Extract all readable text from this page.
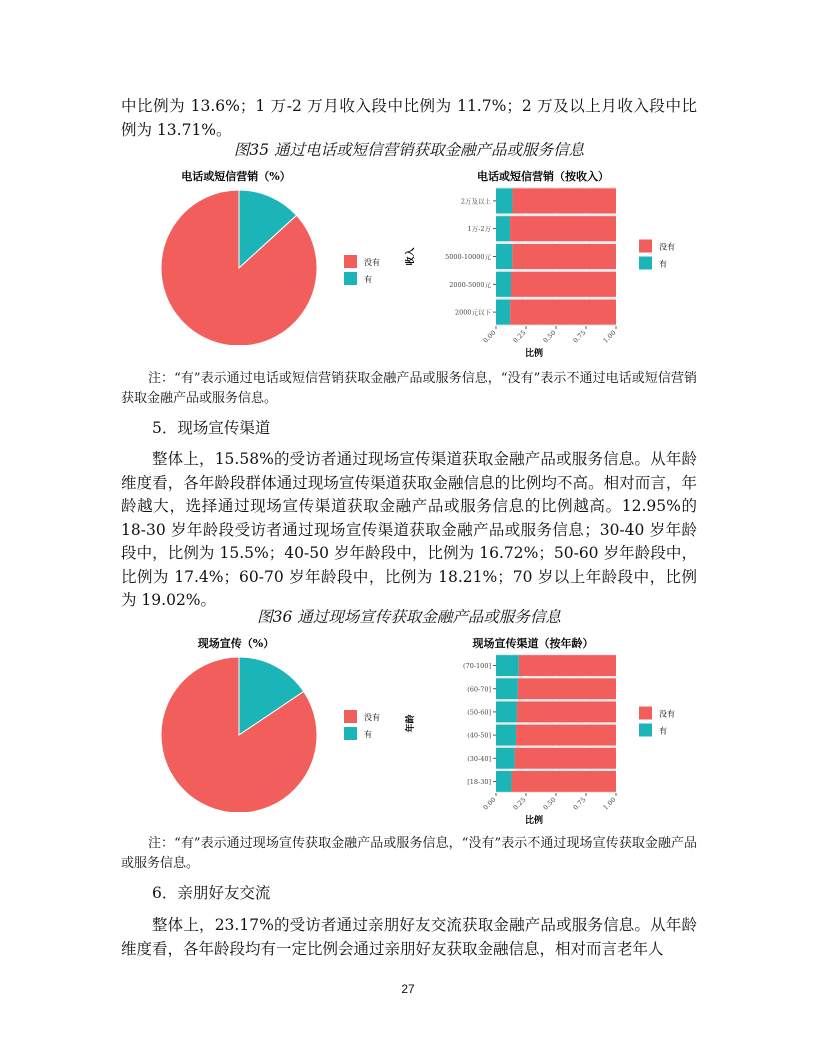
中比例为 13.6%；1 万-2 万月收入段中比例为 11.7%；2 万及以上月收入段中比例为 13.71%。

图35 通过电话或短信营销获取金融产品或服务信息
电话或短信营销（%）
没有
有
电话或短信营销（按收入）
2万及以上
1万-2万
5000-10000元
2000-5000元
2000元以下
0.00 0.25 0.50 0.75 1.00
比例
收入
没有
有

注：“有”表示通过电话或短信营销获取金融产品或服务信息，“没有”表示不通过电话或短信营销获取金融产品或服务信息。

5．现场宣传渠道

整体上，15.58%的受访者通过现场宣传渠道获取金融产品或服务信息。从年龄维度看，各年龄段群体通过现场宣传渠道获取金融信息的比例均不高。相对而言，年龄越大，选择通过现场宣传渠道获取金融产品或服务信息的比例越高。12.95%的 18-30 岁年龄段受访者通过现场宣传渠道获取金融产品或服务信息；30-40 岁年龄段中，比例为 15.5%；40-50 岁年龄段中，比例为 16.72%；50-60 岁年龄段中，比例为 17.4%；60-70 岁年龄段中，比例为 18.21%；70 岁以上年龄段中，比例为 19.02%。

图36 通过现场宣传获取金融产品或服务信息
现场宣传（%）
没有
有
现场宣传渠道（按年龄）
(70-100]
(60-70]
(50-60]
(40-50]
(30-40]
[18-30]
0.00 0.25 0.50 0.75 1.00
比例
年龄
没有
有

注：“有”表示通过现场宣传获取金融产品或服务信息，“没有”表示不通过现场宣传获取金融产品或服务信息。

6．亲朋好友交流

整体上，23.17%的受访者通过亲朋好友交流获取金融产品或服务信息。从年龄维度看，各年龄段均有一定比例会通过亲朋好友获取金融信息，相对而言老年人

27
